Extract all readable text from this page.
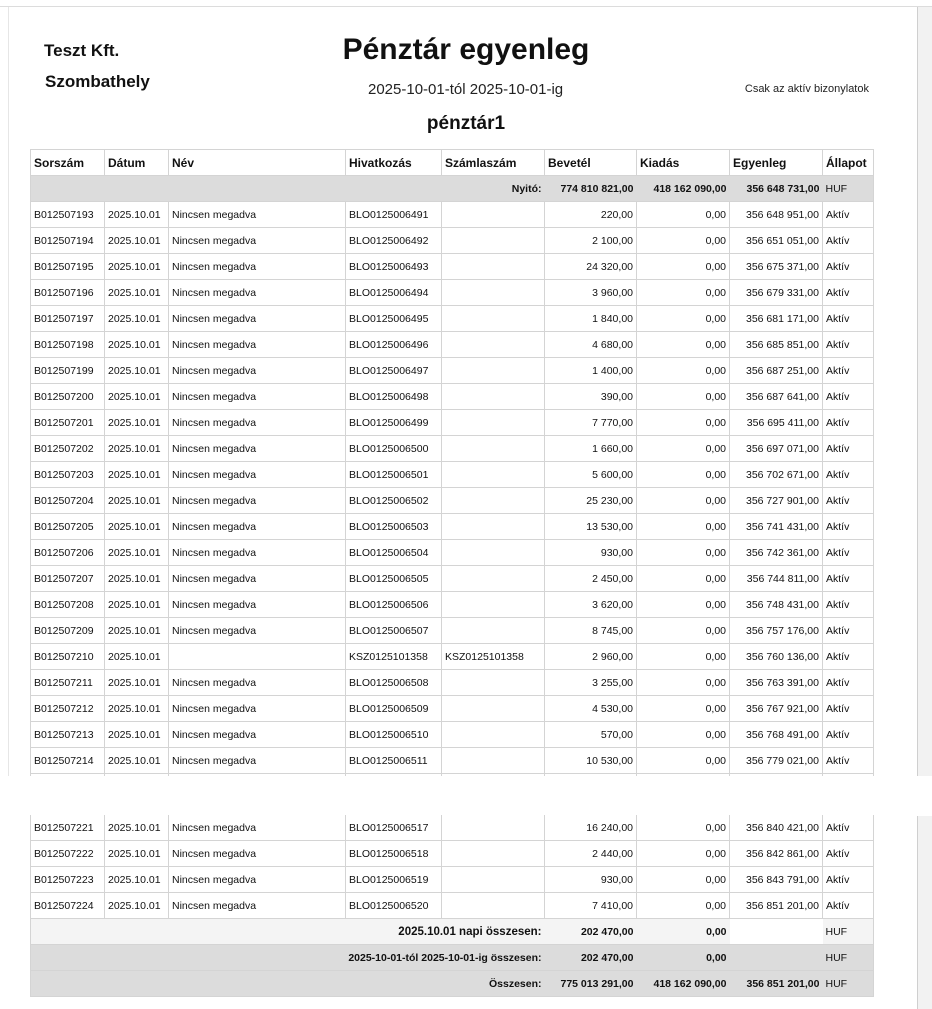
Teszt Kft.
Szombathely
Pénztár egyenleg
2025-10-01-tól 2025-10-01-ig	Csak az aktív bizonylatok
pénztár1
Sorszám	Dátum	Név	Hivatkozás	Számlaszám	Bevetél	Kiadás	Egyenleg	Állapot
Nyitó:					774 810 821,00	418 162 090,00	356 648 731,00	HUF
B012507193	2025.10.01	Nincsen megadva	BLO0125006491		220,00	0,00	356 648 951,00	Aktív
B012507194	2025.10.01	Nincsen megadva	BLO0125006492		2 100,00	0,00	356 651 051,00	Aktív
B012507195	2025.10.01	Nincsen megadva	BLO0125006493		24 320,00	0,00	356 675 371,00	Aktív
B012507196	2025.10.01	Nincsen megadva	BLO0125006494		3 960,00	0,00	356 679 331,00	Aktív
B012507197	2025.10.01	Nincsen megadva	BLO0125006495		1 840,00	0,00	356 681 171,00	Aktív
B012507198	2025.10.01	Nincsen megadva	BLO0125006496		4 680,00	0,00	356 685 851,00	Aktív
B012507199	2025.10.01	Nincsen megadva	BLO0125006497		1 400,00	0,00	356 687 251,00	Aktív
B012507200	2025.10.01	Nincsen megadva	BLO0125006498		390,00	0,00	356 687 641,00	Aktív
B012507201	2025.10.01	Nincsen megadva	BLO0125006499		7 770,00	0,00	356 695 411,00	Aktív
B012507202	2025.10.01	Nincsen megadva	BLO0125006500		1 660,00	0,00	356 697 071,00	Aktív
B012507203	2025.10.01	Nincsen megadva	BLO0125006501		5 600,00	0,00	356 702 671,00	Aktív
B012507204	2025.10.01	Nincsen megadva	BLO0125006502		25 230,00	0,00	356 727 901,00	Aktív
B012507205	2025.10.01	Nincsen megadva	BLO0125006503		13 530,00	0,00	356 741 431,00	Aktív
B012507206	2025.10.01	Nincsen megadva	BLO0125006504		930,00	0,00	356 742 361,00	Aktív
B012507207	2025.10.01	Nincsen megadva	BLO0125006505		2 450,00	0,00	356 744 811,00	Aktív
B012507208	2025.10.01	Nincsen megadva	BLO0125006506		3 620,00	0,00	356 748 431,00	Aktív
B012507209	2025.10.01	Nincsen megadva	BLO0125006507		8 745,00	0,00	356 757 176,00	Aktív
B012507210	2025.10.01		KSZ0125101358	KSZ0125101358	2 960,00	0,00	356 760 136,00	Aktív
B012507211	2025.10.01	Nincsen megadva	BLO0125006508		3 255,00	0,00	356 763 391,00	Aktív
B012507212	2025.10.01	Nincsen megadva	BLO0125006509		4 530,00	0,00	356 767 921,00	Aktív
B012507213	2025.10.01	Nincsen megadva	BLO0125006510		570,00	0,00	356 768 491,00	Aktív
B012507214	2025.10.01	Nincsen megadva	BLO0125006511		10 530,00	0,00	356 779 021,00	Aktív

B012507221	2025.10.01	Nincsen megadva	BLO0125006517		16 240,00	0,00	356 840 421,00	Aktív
B012507222	2025.10.01	Nincsen megadva	BLO0125006518		2 440,00	0,00	356 842 861,00	Aktív
B012507223	2025.10.01	Nincsen megadva	BLO0125006519		930,00	0,00	356 843 791,00	Aktív
B012507224	2025.10.01	Nincsen megadva	BLO0125006520		7 410,00	0,00	356 851 201,00	Aktív
2025.10.01 napi összesen:					202 470,00	0,00		HUF
2025-10-01-tól 2025-10-01-ig összesen:					202 470,00	0,00		HUF
Összesen:					775 013 291,00	418 162 090,00	356 851 201,00	HUF
